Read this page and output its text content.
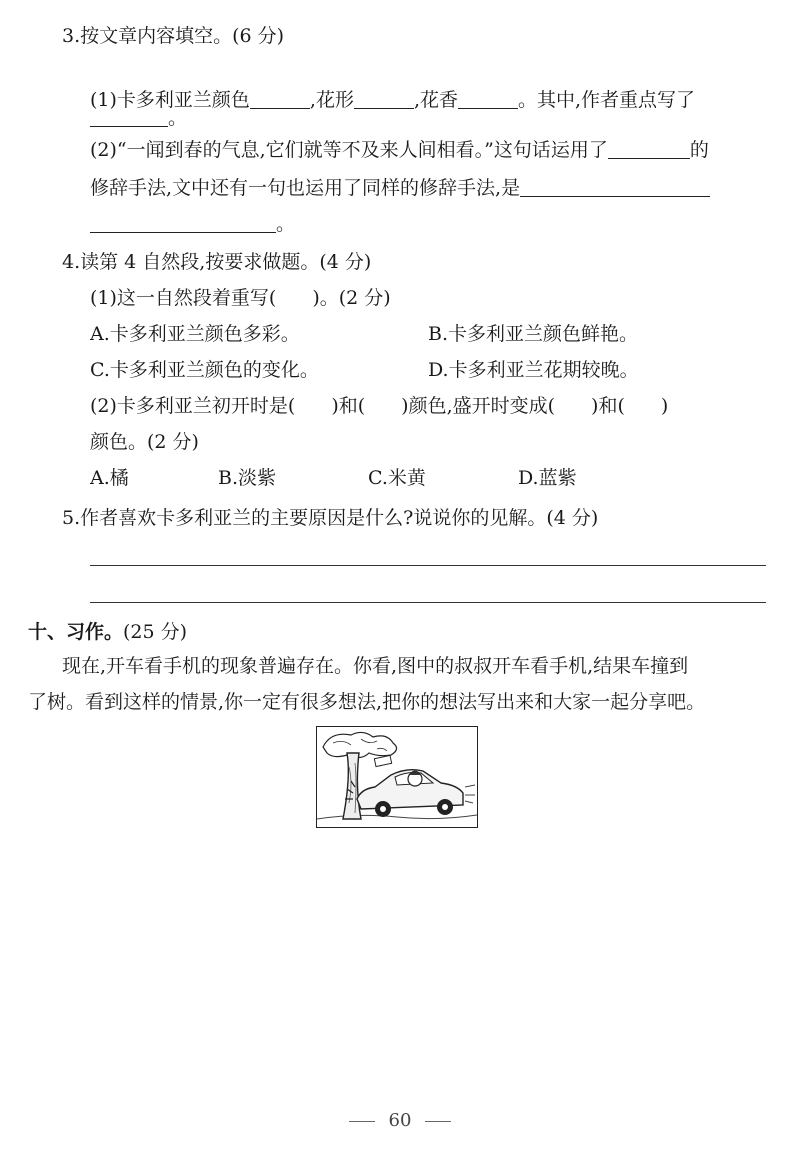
3.按文章内容填空。(6 分)
(1)卡多利亚兰颜色	,花形	,花香	。其中,作者重点写了
。
(2)“一闻到春的气息,它们就等不及来人间相看。”这句话运用了	的
修辞手法,文中还有一句也运用了同样的修辞手法,是
。
4.读第 4 自然段,按要求做题。(4 分)
(1)这一自然段着重写( )。(2 分)
A.卡多利亚兰颜色多彩。	B.卡多利亚兰颜色鲜艳。
C.卡多利亚兰颜色的变化。	D.卡多利亚兰花期较晚。
(2)卡多利亚兰初开时是( )和( )颜色,盛开时变成( )和( )
颜色。(2 分)
A.橘	B.淡紫	C.米黄	D.蓝紫
5.作者喜欢卡多利亚兰的主要原因是什么?说说你的见解。(4 分)
十、习作。(25 分)
现在,开车看手机的现象普遍存在。你看,图中的叔叔开车看手机,结果车撞到
了树。看到这样的情景,你一定有很多想法,把你的想法写出来和大家一起分享吧。
60
